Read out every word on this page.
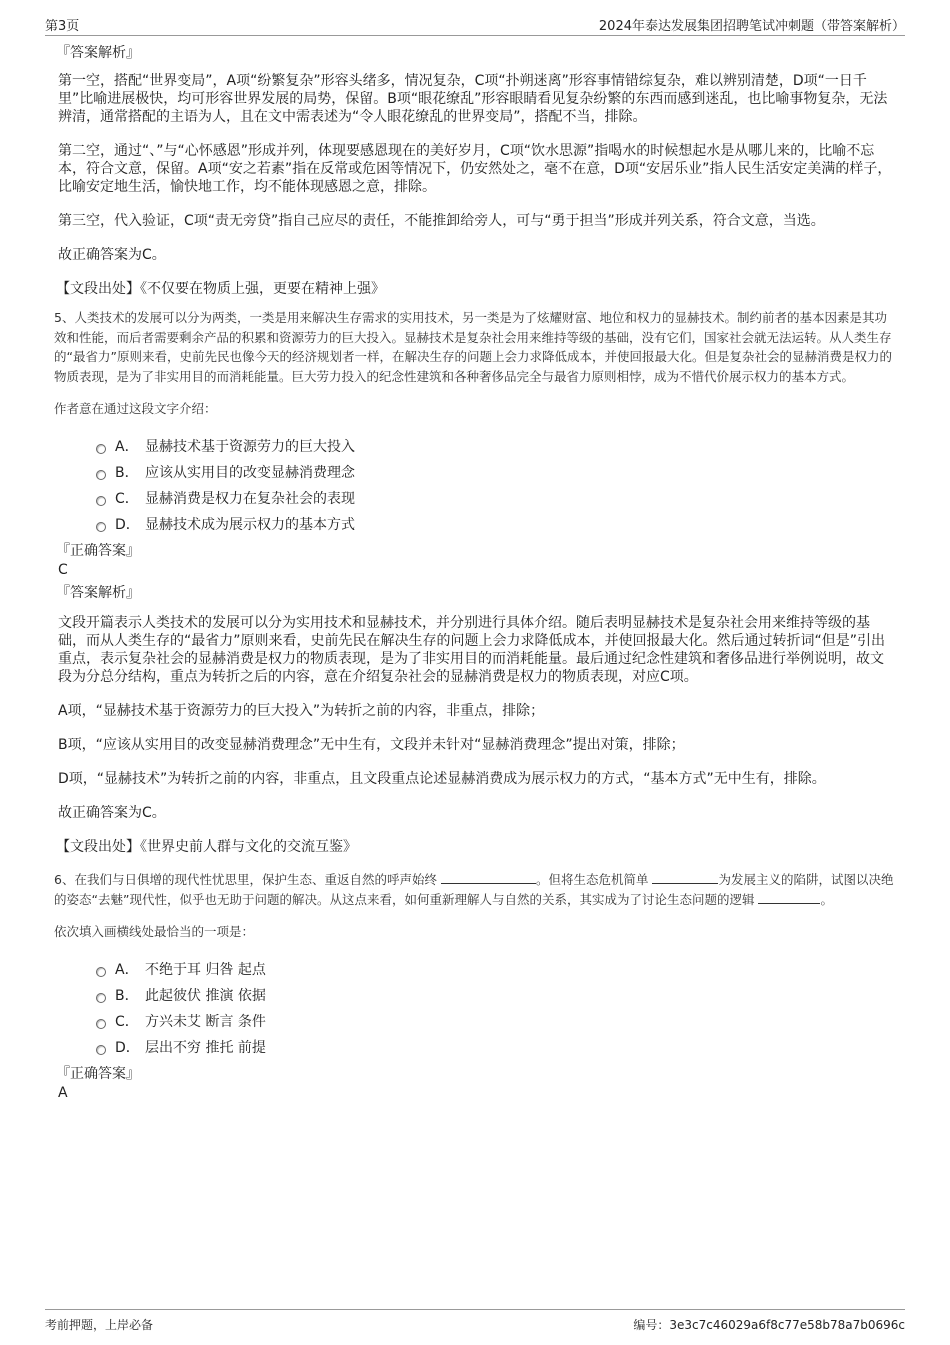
第3页	2024年泰达发展集团招聘笔试冲刺题（带答案解析）
『答案解析』

第一空，搭配“世界变局”，A项“纷繁复杂”形容头绪多，情况复杂，C项“扑朔迷离”形容事情错综复杂，难以辨别清楚，D项“一日千里”比喻进展极快，均可形容世界发展的局势，保留。B项“眼花缭乱”形容眼睛看见复杂纷繁的东西而感到迷乱，也比喻事物复杂，无法辨清，通常搭配的主语为人，且在文中需表述为“令人眼花缭乱的世界变局”，搭配不当，排除。

第二空，通过“、”与“心怀感恩”形成并列，体现要感恩现在的美好岁月，C项“饮水思源”指喝水的时候想起水是从哪儿来的，比喻不忘本，符合文意，保留。A项“安之若素”指在反常或危困等情况下，仍安然处之，毫不在意，D项“安居乐业”指人民生活安定美满的样子，比喻安定地生活，愉快地工作，均不能体现感恩之意，排除。

第三空，代入验证，C项“责无旁贷”指自己应尽的责任，不能推卸给旁人，可与“勇于担当”形成并列关系，符合文意，当选。

故正确答案为C。

【文段出处】《不仅要在物质上强，更要在精神上强》

5、人类技术的发展可以分为两类，一类是用来解决生存需求的实用技术，另一类是为了炫耀财富、地位和权力的显赫技术。制约前者的基本因素是其功效和性能，而后者需要剩余产品的积累和资源劳力的巨大投入。显赫技术是复杂社会用来维持等级的基础，没有它们，国家社会就无法运转。从人类生存的“最省力”原则来看，史前先民也像今天的经济规划者一样，在解决生存的问题上会力求降低成本，并使回报最大化。但是复杂社会的显赫消费是权力的物质表现，是为了非实用目的而消耗能量。巨大劳力投入的纪念性建筑和各种奢侈品完全与最省力原则相悖，成为不惜代价展示权力的基本方式。

作者意在通过这段文字介绍：

A． 显赫技术基于资源劳力的巨大投入
B． 应该从实用目的改变显赫消费理念
C． 显赫消费是权力在复杂社会的表现
D． 显赫技术成为展示权力的基本方式
『正确答案』
C
『答案解析』

文段开篇表示人类技术的发展可以分为实用技术和显赫技术，并分别进行具体介绍。随后表明显赫技术是复杂社会用来维持等级的基础，而从人类生存的“最省力”原则来看，史前先民在解决生存的问题上会力求降低成本，并使回报最大化。然后通过转折词“但是”引出重点，表示复杂社会的显赫消费是权力的物质表现，是为了非实用目的而消耗能量。最后通过纪念性建筑和奢侈品进行举例说明，故文段为分总分结构，重点为转折之后的内容，意在介绍复杂社会的显赫消费是权力的物质表现，对应C项。

A项，“显赫技术基于资源劳力的巨大投入”为转折之前的内容，非重点，排除；

B项，“应该从实用目的改变显赫消费理念”无中生有，文段并未针对“显赫消费理念”提出对策，排除；

D项，“显赫技术”为转折之前的内容，非重点，且文段重点论述显赫消费成为展示权力的方式，“基本方式”无中生有，排除。

故正确答案为C。

【文段出处】《世界史前人群与文化的交流互鉴》

6、在我们与日俱增的现代性忧思里，保护生态、重返自然的呼声始终	。但将生态危机简单	为发展主义的陷阱，试图以决绝的姿态“去魅”现代性，似乎也无助于问题的解决。从这点来看，如何重新理解人与自然的关系，其实成为了讨论生态问题的逻辑	。

依次填入画横线处最恰当的一项是：

A． 不绝于耳 归咎 起点
B． 此起彼伏 推演 依据
C． 方兴未艾 断言 条件
D． 层出不穷 推托 前提
『正确答案』
A
考前押题，上岸必备	编号：3e3c7c46029a6f8c77e58b78a7b0696c
